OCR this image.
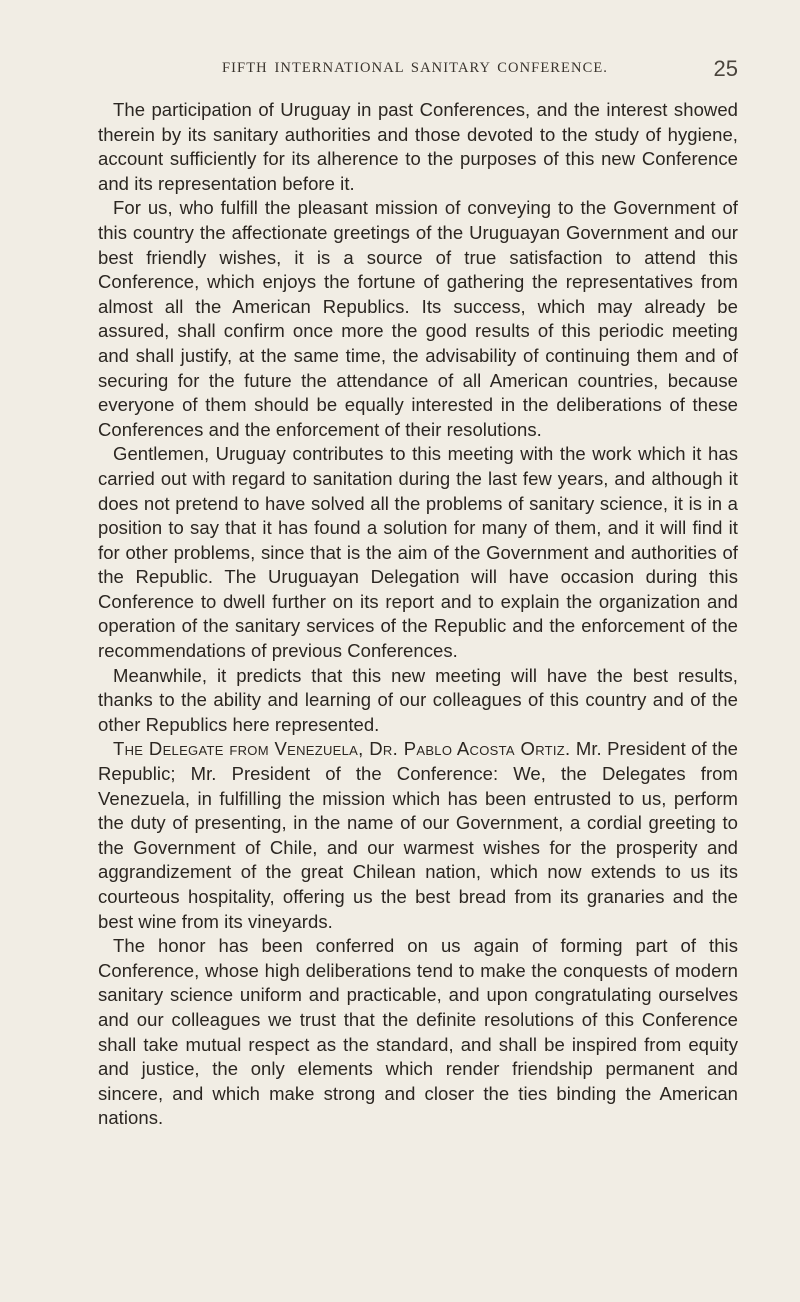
FIFTH INTERNATIONAL SANITARY CONFERENCE.	25

The participation of Uruguay in past Conferences, and the interest showed therein by its sanitary authorities and those devoted to the study of hygiene, account sufficiently for its alherence to the purposes of this new Conference and its representation before it.

For us, who fulfill the pleasant mission of conveying to the Government of this country the affectionate greetings of the Uruguayan Government and our best friendly wishes, it is a source of true satisfaction to attend this Conference, which enjoys the fortune of gathering the representatives from almost all the American Republics. Its success, which may already be assured, shall confirm once more the good results of this periodic meeting and shall justify, at the same time, the advisability of continuing them and of securing for the future the attendance of all American countries, because everyone of them should be equally interested in the deliberations of these Conferences and the enforcement of their resolutions.

Gentlemen, Uruguay contributes to this meeting with the work which it has carried out with regard to sanitation during the last few years, and although it does not pretend to have solved all the problems of sanitary science, it is in a position to say that it has found a solution for many of them, and it will find it for other problems, since that is the aim of the Government and authorities of the Republic. The Uruguayan Delegation will have occasion during this Conference to dwell further on its report and to explain the organization and operation of the sanitary services of the Republic and the enforcement of the recommendations of previous Conferences.

Meanwhile, it predicts that this new meeting will have the best results, thanks to the ability and learning of our colleagues of this country and of the other Republics here represented.

The Delegate from Venezuela, Dr. Pablo Acosta Ortiz. Mr. President of the Republic; Mr. President of the Conference: We, the Delegates from Venezuela, in fulfilling the mission which has been entrusted to us, perform the duty of presenting, in the name of our Government, a cordial greeting to the Government of Chile, and our warmest wishes for the prosperity and aggrandizement of the great Chilean nation, which now extends to us its courteous hospitality, offering us the best bread from its granaries and the best wine from its vineyards.

The honor has been conferred on us again of forming part of this Conference, whose high deliberations tend to make the conquests of modern sanitary science uniform and practicable, and upon congratulating ourselves and our colleagues we trust that the definite resolutions of this Conference shall take mutual respect as the standard, and shall be inspired from equity and justice, the only elements which render friendship permanent and sincere, and which make strong and closer the ties binding the American nations.
